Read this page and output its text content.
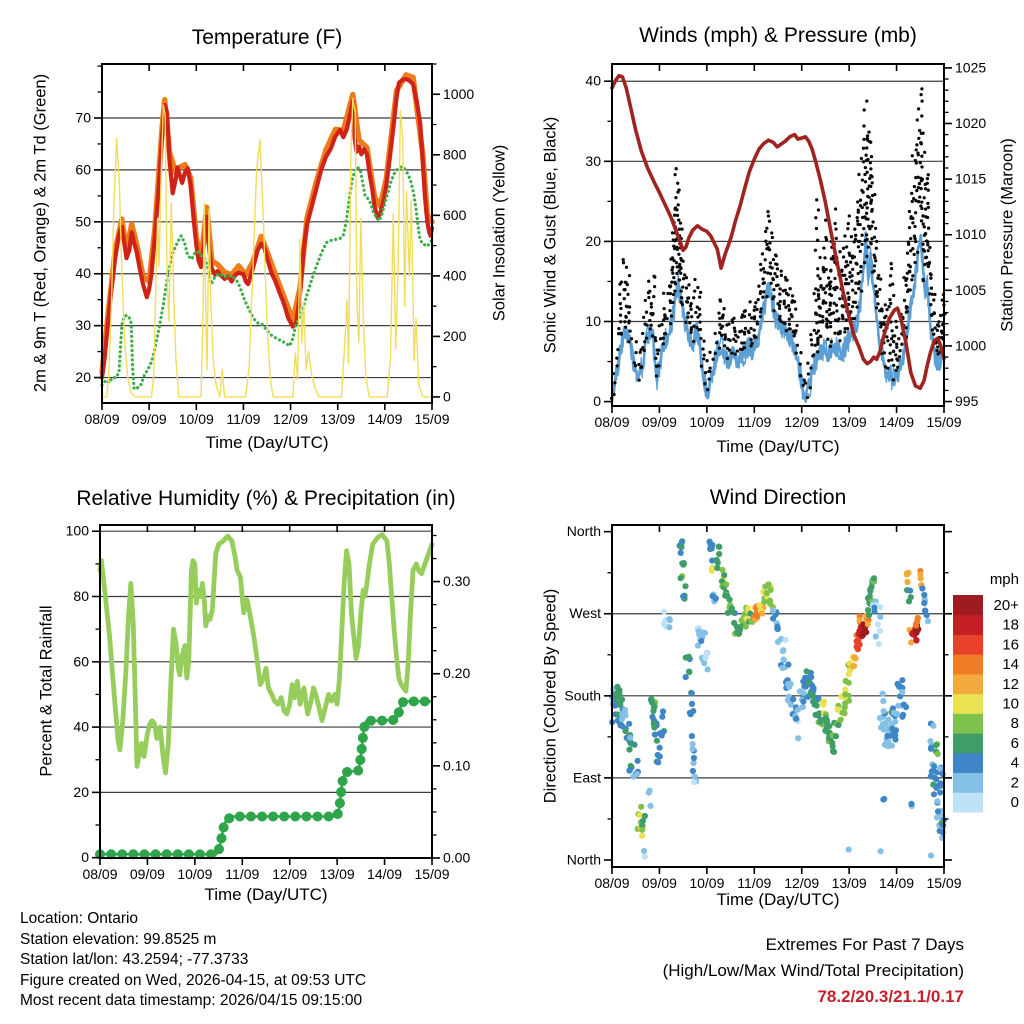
08/09 09/09 10/09 11/09 12/09 13/09 14/09 15/09
20
30
40
50
60
70
0
200
400
600
800
1000
08/09 09/09 10/09 11/09 12/09 13/09 14/09 15/09
0
10
20
30
40
995
1000
1005
1010
1015
1020
1025
08/09 09/09 10/09 11/09 12/09 13/09 14/09 15/09
0
20
40
60
80
100
0.00
0.10
0.20
0.30
08/09 09/09 10/09 11/09 12/09 13/09 14/09 15/09
North
West
South
East
North
0
2
4
6
8
10
12
14
16
18
20+
mph
Temperature (F)	Winds (mph) & Pressure (mb)
Relative Humidity (%) & Precipitation (in)	Wind Direction
Time (Day/UTC)	Time (Day/UTC)
Time (Day/UTC)	Time (Day/UTC)
2m & 9m T (Red, Orange) & 2m Td (Green)	Solar Insolation (Yellow) Sonic Wind & Gust (Blue, Black)	Station Pressure (Maroon)
Percent & Total Rainfall	Direction (Colored By Speed)
Location: Ontario
Station elevation: 99.8525 m
Station lat/lon: 43.2594; -77.3733
Figure created on Wed, 2026-04-15, at 09:53 UTC
Most recent data timestamp: 2026/04/15 09:15:00
Extremes For Past 7 Days
(High/Low/Max Wind/Total Precipitation)
78.2/20.3/21.1/0.17
